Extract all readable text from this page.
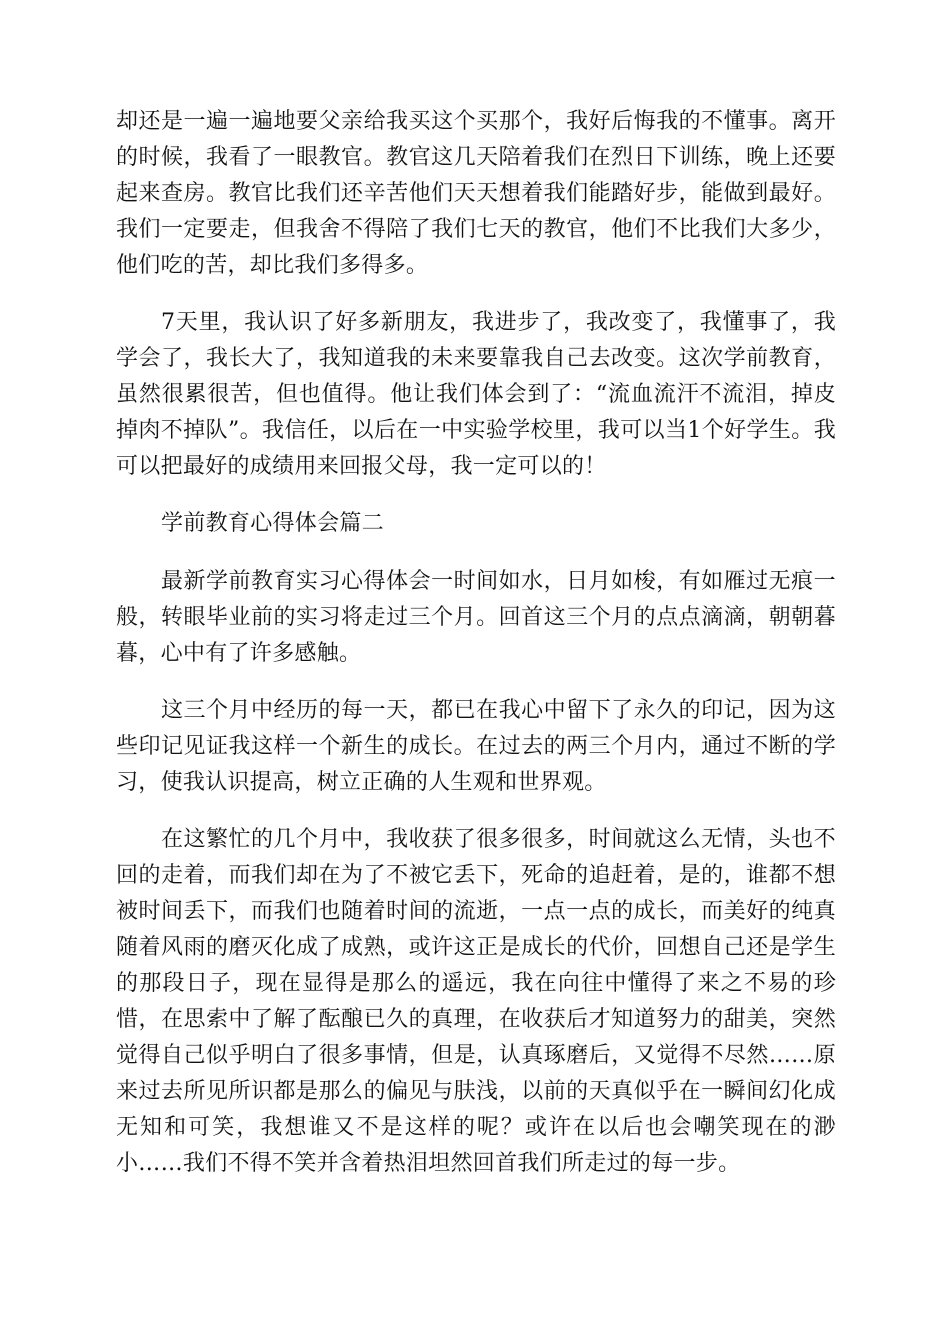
却还是一遍一遍地要父亲给我买这个买那个，我好后悔我的不懂事。离开的时候，我看了一眼教官。教官这几天陪着我们在烈日下训练，晚上还要起来查房。教官比我们还辛苦他们天天想着我们能踏好步，能做到最好。我们一定要走，但我舍不得陪了我们七天的教官，他们不比我们大多少，他们吃的苦，却比我们多得多。

7天里，我认识了好多新朋友，我进步了，我改变了，我懂事了，我学会了，我长大了，我知道我的未来要靠我自己去改变。这次学前教育，虽然很累很苦，但也值得。他让我们体会到了：“流血流汗不流泪，掉皮掉肉不掉队”。我信任，以后在一中实验学校里，我可以当1个好学生。我可以把最好的成绩用来回报父母，我一定可以的！

学前教育心得体会篇二

最新学前教育实习心得体会一时间如水，日月如梭，有如雁过无痕一般，转眼毕业前的实习将走过三个月。回首这三个月的点点滴滴，朝朝暮暮，心中有了许多感触。

这三个月中经历的每一天，都已在我心中留下了永久的印记，因为这些印记见证我这样一个新生的成长。在过去的两三个月内，通过不断的学习，使我认识提高，树立正确的人生观和世界观。

在这繁忙的几个月中，我收获了很多很多，时间就这么无情，头也不回的走着，而我们却在为了不被它丢下，死命的追赶着，是的，谁都不想被时间丢下，而我们也随着时间的流逝，一点一点的成长，而美好的纯真随着风雨的磨灭化成了成熟，或许这正是成长的代价，回想自己还是学生的那段日子，现在显得是那么的遥远，我在向往中懂得了来之不易的珍惜，在思索中了解了酝酿已久的真理，在收获后才知道努力的甜美，突然觉得自己似乎明白了很多事情，但是，认真琢磨后，又觉得不尽然……原来过去所见所识都是那么的偏见与肤浅，以前的天真似乎在一瞬间幻化成无知和可笑，我想谁又不是这样的呢？或许在以后也会嘲笑现在的渺小……我们不得不笑并含着热泪坦然回首我们所走过的每一步。
